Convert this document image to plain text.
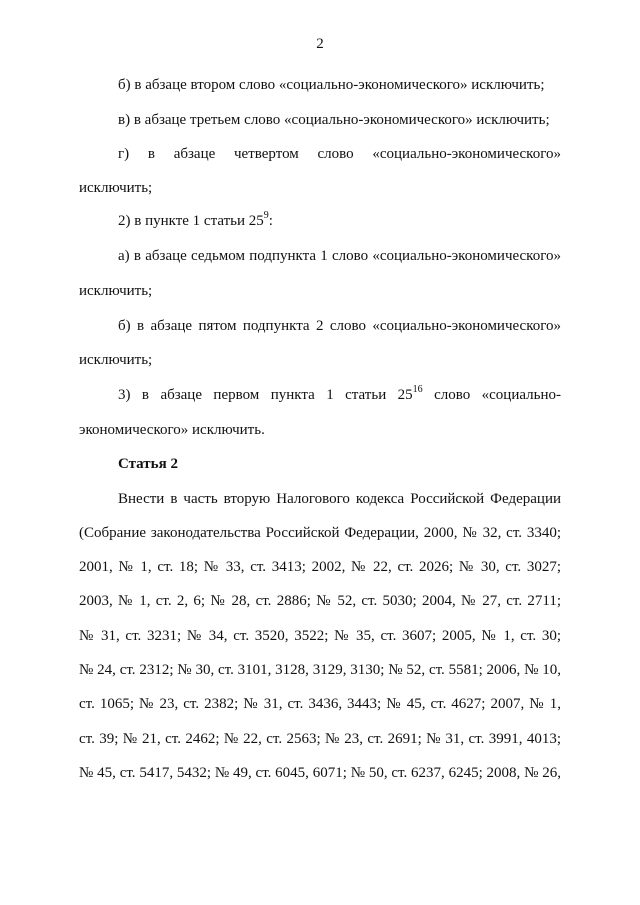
2
б) в абзаце втором слово «социально-экономического» исключить;
в) в абзаце третьем слово «социально-экономического» исключить;
г) в абзаце четвертом слово «социально-экономического»
исключить;
2) в пункте 1 статьи $25^9$:
а) в абзаце седьмом подпункта 1 слово «социально-экономического»
исключить;
б) в абзаце пятом подпункта 2 слово «социально-экономического»
исключить;
3) в абзаце первом пункта 1 статьи $25^{16}$ слово «социально-
экономического» исключить.
Статья 2
Внести в часть вторую Налогового кодекса Российской Федерации
(Собрание законодательства Российской Федерации, 2000, № 32, ст. 3340;
2001, № 1, ст. 18; № 33, ст. 3413; 2002, № 22, ст. 2026; № 30, ст. 3027;
2003, № 1, ст. 2, 6; № 28, ст. 2886; № 52, ст. 5030; 2004, № 27, ст. 2711;
№ 31, ст. 3231; № 34, ст. 3520, 3522; № 35, ст. 3607; 2005, № 1, ст. 30;
№ 24, ст. 2312; № 30, ст. 3101, 3128, 3129, 3130; № 52, ст. 5581; 2006, № 10,
ст. 1065; № 23, ст. 2382; № 31, ст. 3436, 3443; № 45, ст. 4627; 2007, № 1,
ст. 39; № 21, ст. 2462; № 22, ст. 2563; № 23, ст. 2691; № 31, ст. 3991, 4013;
№ 45, ст. 5417, 5432; № 49, ст. 6045, 6071; № 50, ст. 6237, 6245; 2008, № 26,
